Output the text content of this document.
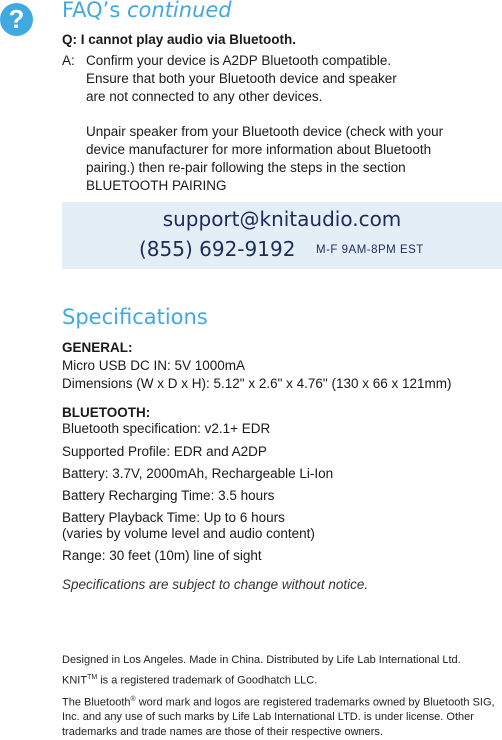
?	FAQ’s continued
Q: I cannot play audio via Bluetooth.
A: Confirm your device is A2DP Bluetooth compatible.

Ensure that both your Bluetooth device and speaker

are not connected to any other devices.

Unpair speaker from your Bluetooth device (check with your

device manufacturer for more information about Bluetooth

pairing.) then re-pair following the steps in the section

BLUETOOTH PAIRING

support@knitaudio.com
(855) 692-9192 M-F 9AM-8PM EST
Specifications
GENERAL:
Micro USB DC IN: 5V 1000mA
Dimensions (W x D x H): 5.12" x 2.6" x 4.76" (130 x 66 x 121mm)
BLUETOOTH:
Bluetooth specification: v2.1+ EDR
Supported Profile: EDR and A2DP
Battery: 3.7V, 2000mAh, Rechargeable Li-Ion
Battery Recharging Time: 3.5 hours
Battery Playback Time: Up to 6 hours
(varies by volume level and audio content)
Range: 30 feet (10m) line of sight
Specifications are subject to change without notice.
Designed in Los Angeles. Made in China. Distributed by Life Lab International Ltd.
KNIT™ is a registered trademark of Goodhatch LLC.
The Bluetooth® word mark and logos are registered trademarks owned by Bluetooth SIG,
Inc. and any use of such marks by Life Lab International LTD. is under license. Other
trademarks and trade names are those of their respective owners.
